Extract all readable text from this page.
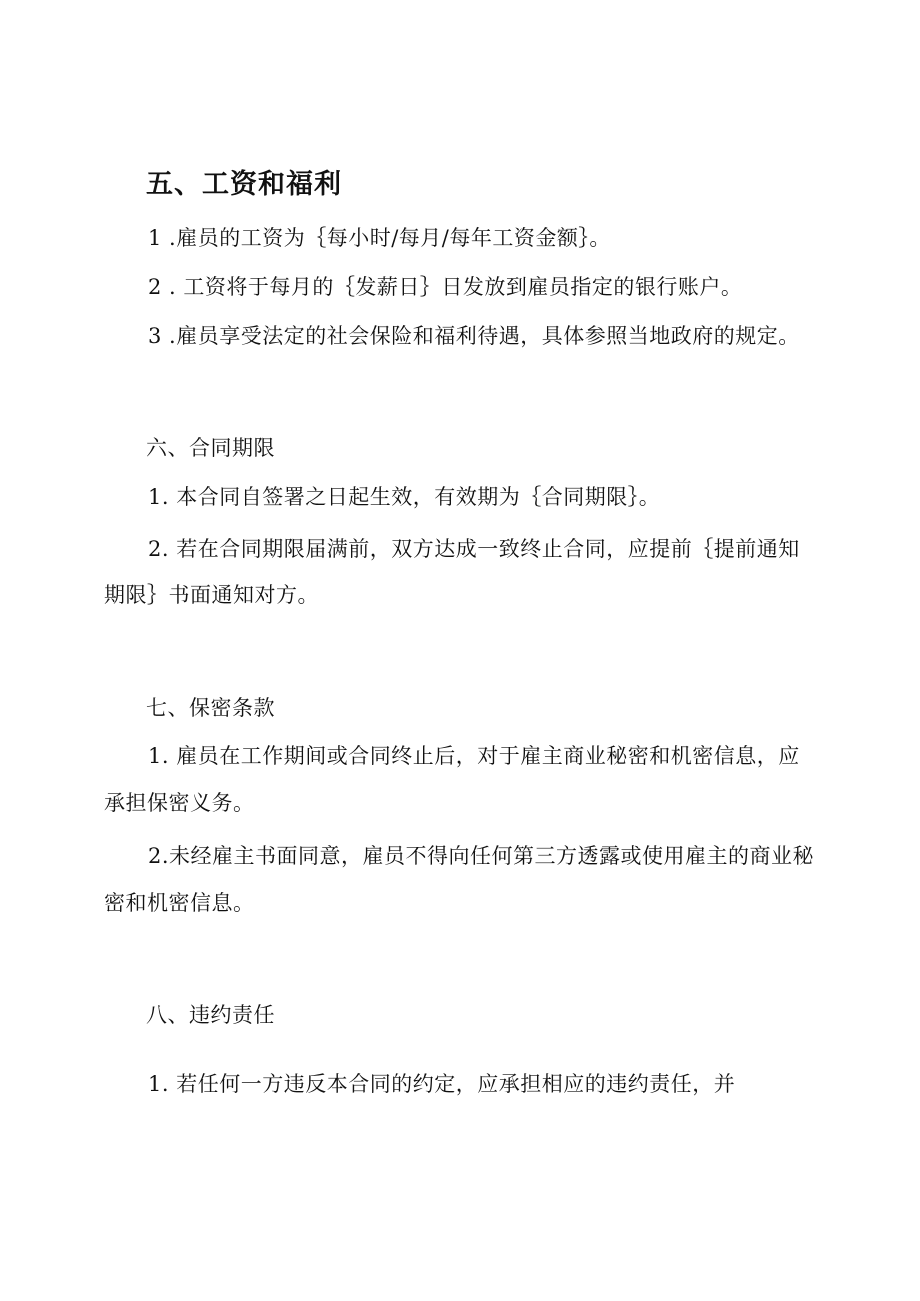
五、工资和福利
1 .雇员的工资为｛每小时/每月/每年工资金额｝。
2 . 工资将于每月的｛发薪日｝日发放到雇员指定的银行账户。
3 .雇员享受法定的社会保险和福利待遇，具体参照当地政府的规定。
六、合同期限
1. 本合同自签署之日起生效，有效期为｛合同期限｝。
2. 若在合同期限届满前，双方达成一致终止合同，应提前｛提前通知
期限｝书面通知对方。
七、保密条款
1. 雇员在工作期间或合同终止后，对于雇主商业秘密和机密信息，应
承担保密义务。
2.未经雇主书面同意，雇员不得向任何第三方透露或使用雇主的商业秘
密和机密信息。
八、违约责任
1. 若任何一方违反本合同的约定，应承担相应的违约责任，并
